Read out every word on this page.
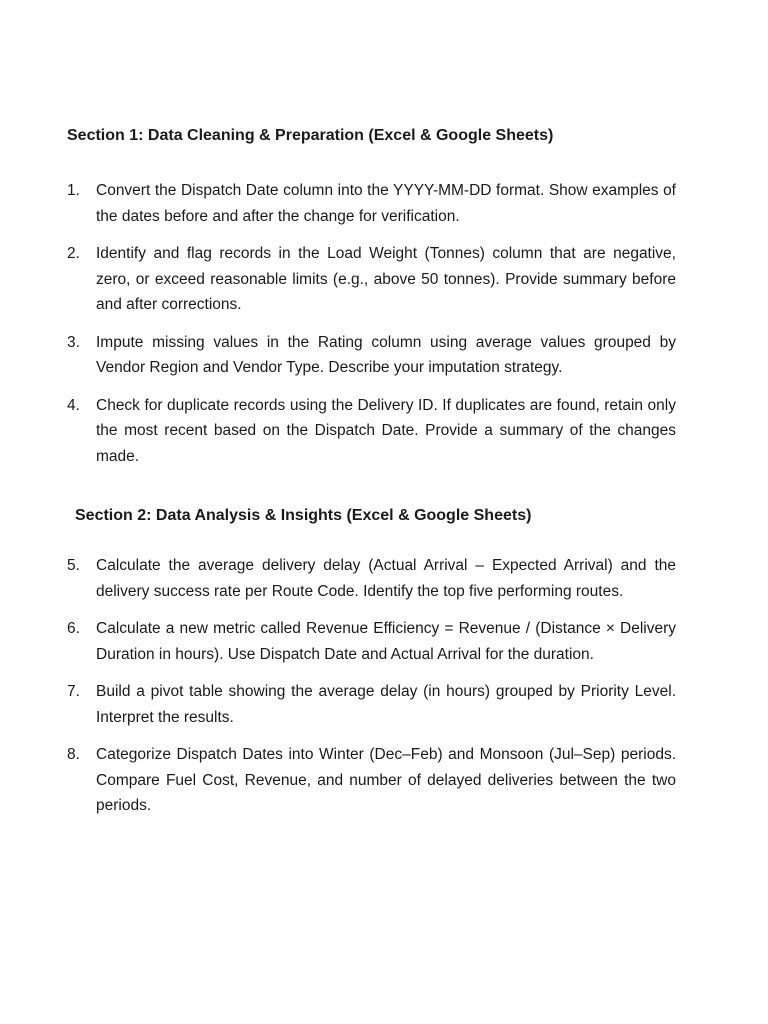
Section 1: Data Cleaning & Preparation (Excel & Google Sheets)
1.	Convert the Dispatch Date column into the YYYY-MM-DD format. Show examples of the dates before and after the change for verification.
2.	Identify and flag records in the Load Weight (Tonnes) column that are negative, zero, or exceed reasonable limits (e.g., above 50 tonnes). Provide summary before and after corrections.
3.	Impute missing values in the Rating column using average values grouped by Vendor Region and Vendor Type. Describe your imputation strategy.
4.	Check for duplicate records using the Delivery ID. If duplicates are found, retain only the most recent based on the Dispatch Date. Provide a summary of the changes made.
Section 2: Data Analysis & Insights (Excel & Google Sheets)
5.	Calculate the average delivery delay (Actual Arrival – Expected Arrival) and the delivery success rate per Route Code. Identify the top five performing routes.
6.	Calculate a new metric called Revenue Efficiency = Revenue / (Distance × Delivery Duration in hours). Use Dispatch Date and Actual Arrival for the duration.
7.	Build a pivot table showing the average delay (in hours) grouped by Priority Level. Interpret the results.
8.	Categorize Dispatch Dates into Winter (Dec–Feb) and Monsoon (Jul–Sep) periods. Compare Fuel Cost, Revenue, and number of delayed deliveries between the two periods.
